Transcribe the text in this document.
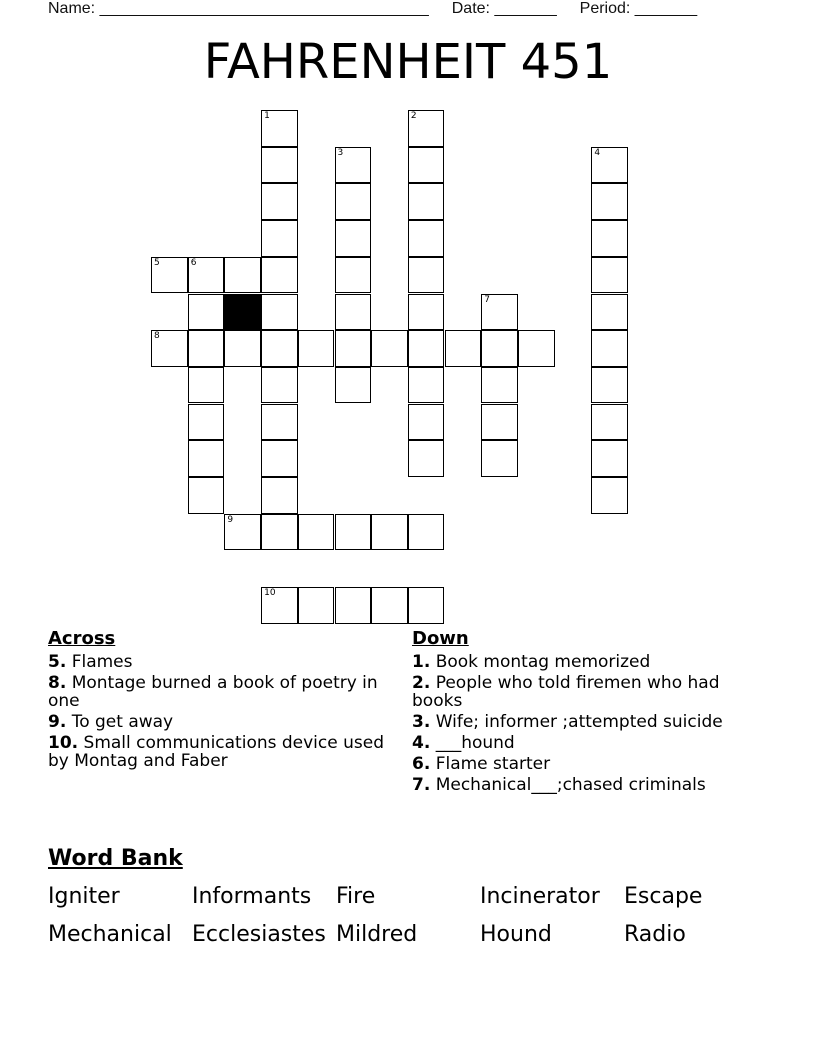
Name: _____________________________________ Date: _______ Period: _______
FAHRENHEIT 451
1	2
3	4
5	6
7
8
9
10
Across
5. Flames
8. Montage burned a book of poetry in one
9. To get away
10. Small communications device used by Montag and Faber
Down
1. Book montag memorized
2. People who told firemen who had books
3. Wife; informer ;attempted suicide
4. ___hound
6. Flame starter
7. Mechanical___;chased criminals
Word Bank
Igniter	Informants Fire	Incinerator Escape
Mechanical Ecclesiastes Mildred	Hound	Radio
